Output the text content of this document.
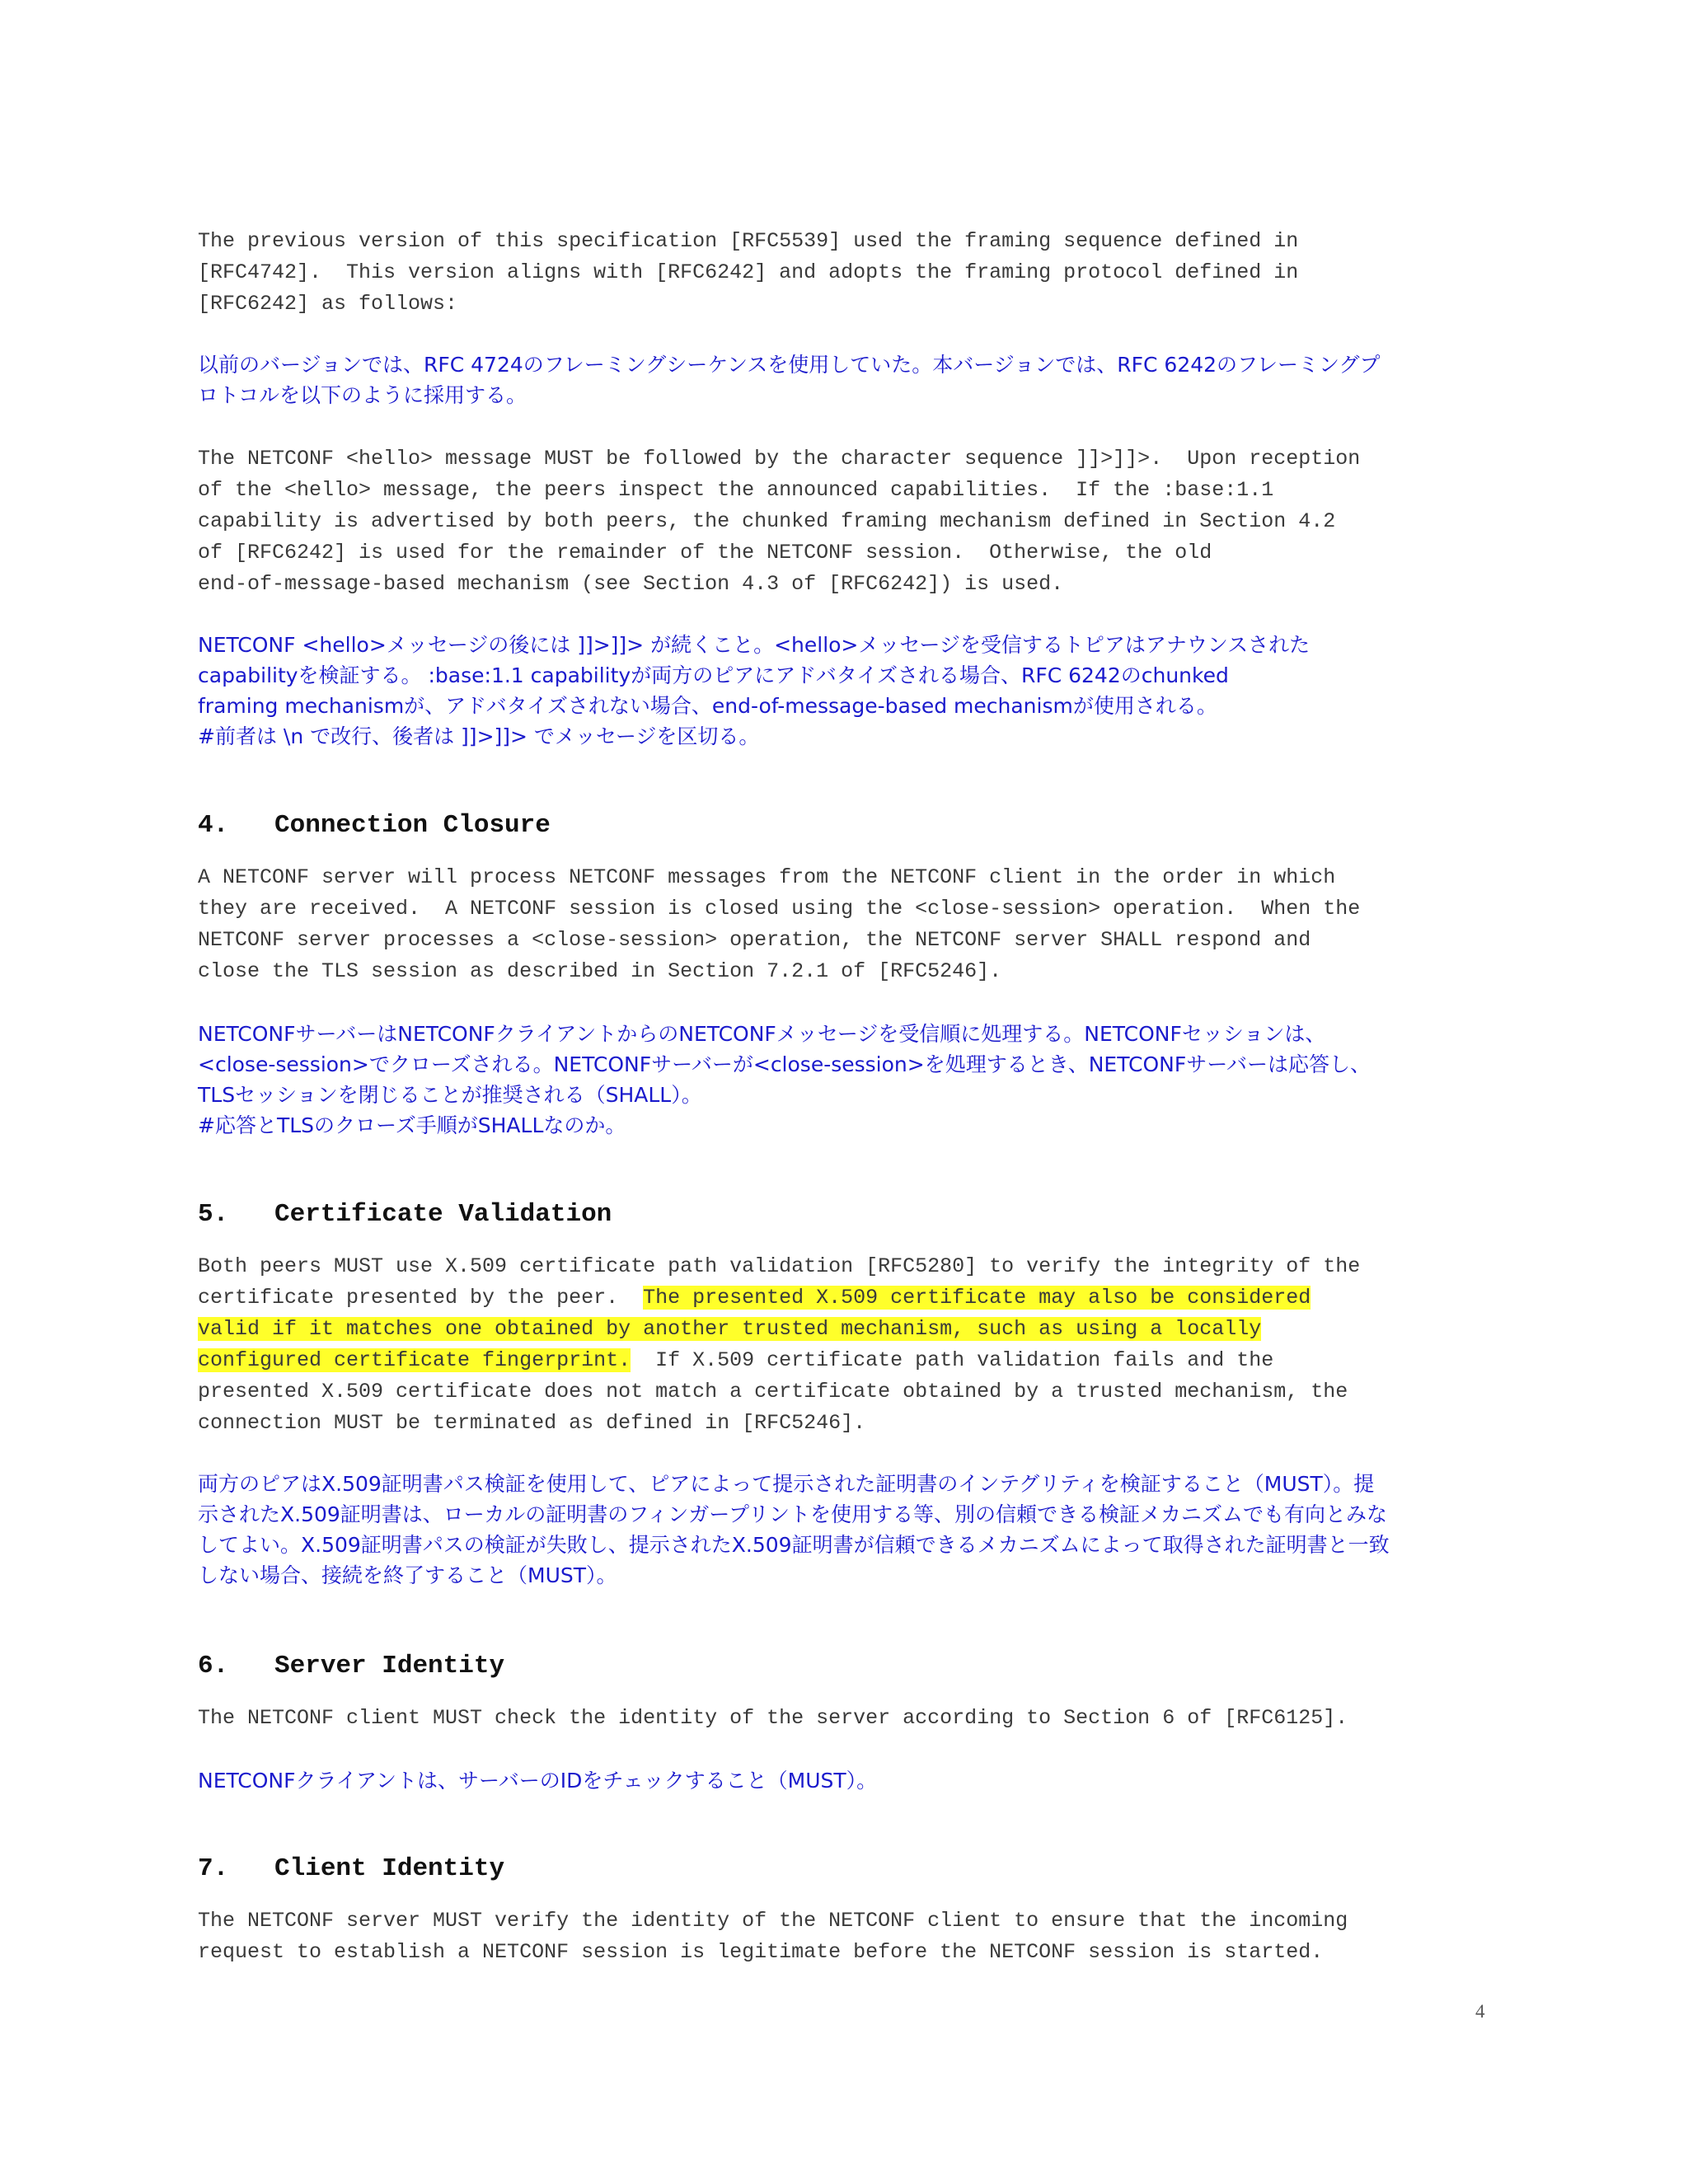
The previous version of this specification [RFC5539] used the framing sequence defined in

[RFC4742].  This version aligns with [RFC6242] and adopts the framing protocol defined in

[RFC6242] as follows:

以前のバージョンでは、RFC 4724のフレーミングシーケンスを使用していた。本バージョンでは、RFC 6242のフレーミングプ

ロトコルを以下のように採用する。

The NETCONF <hello> message MUST be followed by the character sequence ]]>]]>.  Upon reception

of the <hello> message, the peers inspect the announced capabilities.  If the :base:1.1

capability is advertised by both peers, the chunked framing mechanism defined in Section 4.2

of [RFC6242] is used for the remainder of the NETCONF session.  Otherwise, the old

end-of-message-based mechanism (see Section 4.3 of [RFC6242]) is used.

NETCONF <hello>メッセージの後には ]]>]]> が続くこと。<hello>メッセージを受信するトピアはアナウンスされた

capabilityを検証する。 :base:1.1 capabilityが両方のピアにアドバタイズされる場合、RFC 6242のchunked

framing mechanismが、アドバタイズされない場合、end-of-message-based mechanismが使用される。

#前者は \n で改行、後者は ]]>]]> でメッセージを区切る。

4.   Connection Closure

A NETCONF server will process NETCONF messages from the NETCONF client in the order in which

they are received.  A NETCONF session is closed using the <close-session> operation.  When the

NETCONF server processes a <close-session> operation, the NETCONF server SHALL respond and

close the TLS session as described in Section 7.2.1 of [RFC5246].

NETCONFサーバーはNETCONFクライアントからのNETCONFメッセージを受信順に処理する。NETCONFセッションは、

<close-session>でクローズされる。NETCONFサーバーが<close-session>を処理するとき、NETCONFサーバーは応答し、

TLSセッションを閉じることが推奨される（SHALL）。

#応答とTLSのクローズ手順がSHALLなのか。

5.   Certificate Validation

Both peers MUST use X.509 certificate path validation [RFC5280] to verify the integrity of the

certificate presented by the peer.  The presented X.509 certificate may also be considered

valid if it matches one obtained by another trusted mechanism, such as using a locally

configured certificate fingerprint.  If X.509 certificate path validation fails and the

presented X.509 certificate does not match a certificate obtained by a trusted mechanism, the

connection MUST be terminated as defined in [RFC5246].

両方のピアはX.509証明書パス検証を使用して、ピアによって提示された証明書のインテグリティを検証すること（MUST）。提

示されたX.509証明書は、ローカルの証明書のフィンガープリントを使用する等、別の信頼できる検証メカニズムでも有向とみな

してよい。X.509証明書パスの検証が失敗し、提示されたX.509証明書が信頼できるメカニズムによって取得された証明書と一致

しない場合、接続を終了すること（MUST）。

6.   Server Identity

The NETCONF client MUST check the identity of the server according to Section 6 of [RFC6125].

NETCONFクライアントは、サーバーのIDをチェックすること（MUST）。

7.   Client Identity

The NETCONF server MUST verify the identity of the NETCONF client to ensure that the incoming

request to establish a NETCONF session is legitimate before the NETCONF session is started.

4
